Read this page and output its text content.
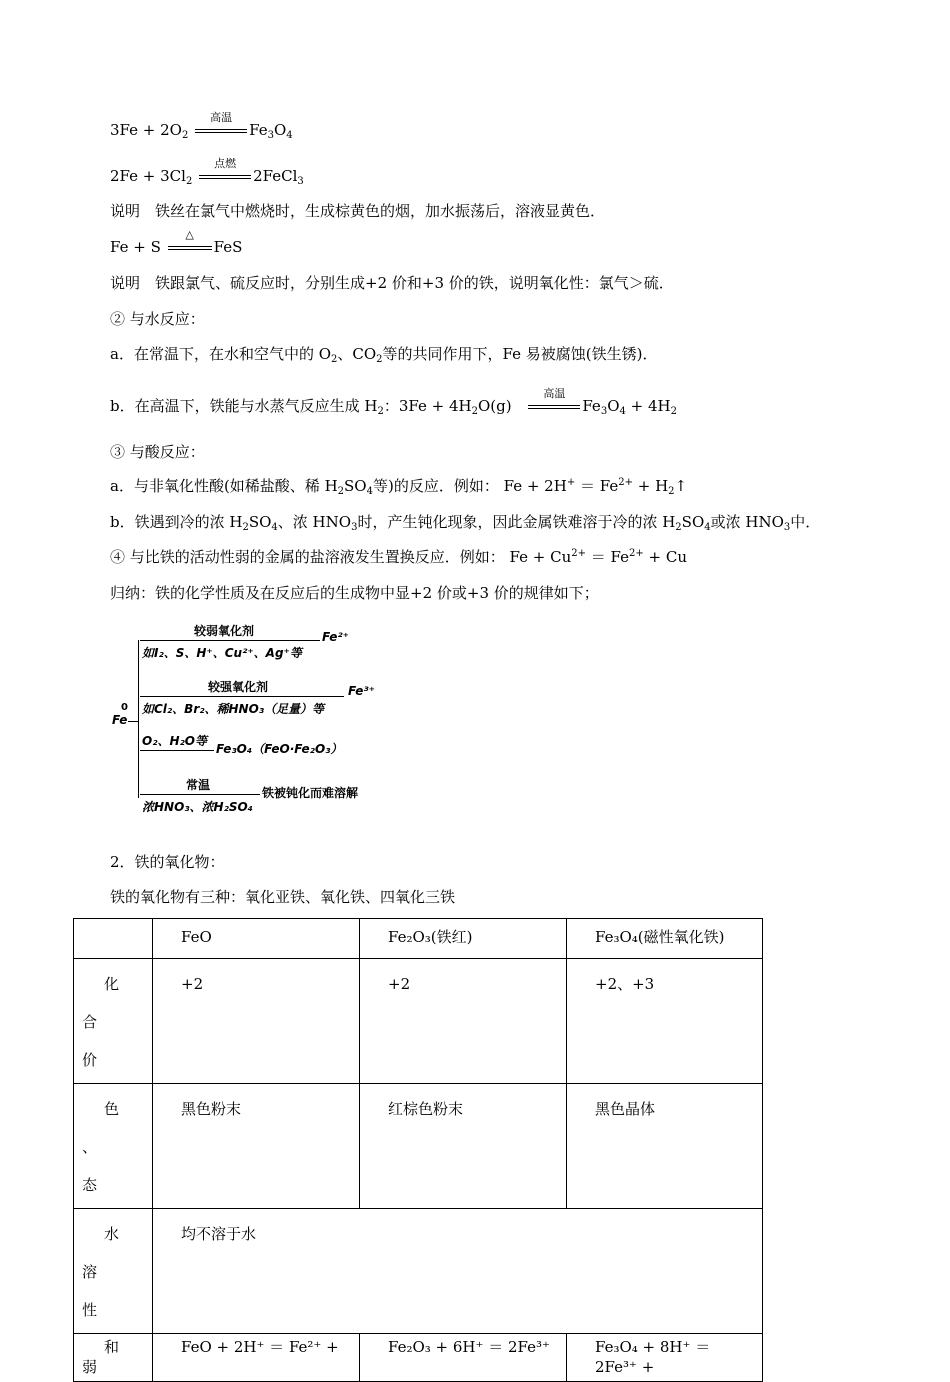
$3Fe + 2O_2$
高温
$Fe_3O_4$
$2Fe + 3Cl_2$
点燃
2FeCl$_3$
说明　铁丝在氯气中燃烧时，生成棕黄色的烟，加水振荡后，溶液显黄色．
Fe + S
△
FeS
说明　铁跟氯气、硫反应时，分别生成+2 价和+3 价的铁，说明氧化性：氯气＞硫．
② 与水反应：
a．在常温下，在水和空气中的 $O_2$、$CO_2$等的共同作用下，Fe 易被腐蚀(铁生锈)．
b．在高温下，铁能与水蒸气反应生成 $H_2$：$3Fe + 4H_2O(g)$
高温
$Fe_3O_4 + 4H_2$
③ 与酸反应：
a．与非氧化性酸(如稀盐酸、稀 $H_2SO_4$等)的反应．例如： $Fe + 2H^+ = Fe^{2+}$ + $H_2↑$
b．铁遇到冷的浓 $H_2SO_4$、浓 $HNO_3$时，产生钝化现象，因此金属铁难溶于冷的浓 $H_2SO_4$或浓 $HNO_3$中．
④ 与比铁的活动性弱的金属的盐溶液发生置换反应．例如： $Fe + Cu^{2+} = Fe^{2+} + Cu$
归纳：铁的化学性质及在反应后的生成物中显+2 价或+3 价的规律如下；
0
Fe
较弱氧化剂	Fe²⁺
如I₂、S、H⁺、Cu²⁺、Ag⁺等
较强氧化剂	Fe³⁺
如Cl₂、Br₂、稀HNO₃（足量）等
O₂、H₂O等
Fe₃O₄（FeO·Fe₂O₃）
常温
铁被钝化而难溶解
浓HNO₃、浓H₂SO₄
2．铁的氧化物：
铁的氧化物有三种：氧化亚铁、氧化铁、四氧化三铁
	FeO	Fe₂O₃(铁红)	Fe₃O₄(磁性氧化铁)
化 合
价	+2	+2	+2、+3
色 、
态	黑色粉末	红棕色粉末	黑色晶体
水 溶
性	均不溶于水		
和 弱	FeO + 2H⁺ ＝ Fe²⁺ +	Fe₂O₃ + 6H⁺ ＝ 2Fe³⁺	Fe₃O₄ + 8H⁺ ＝ 2Fe³⁺ +
